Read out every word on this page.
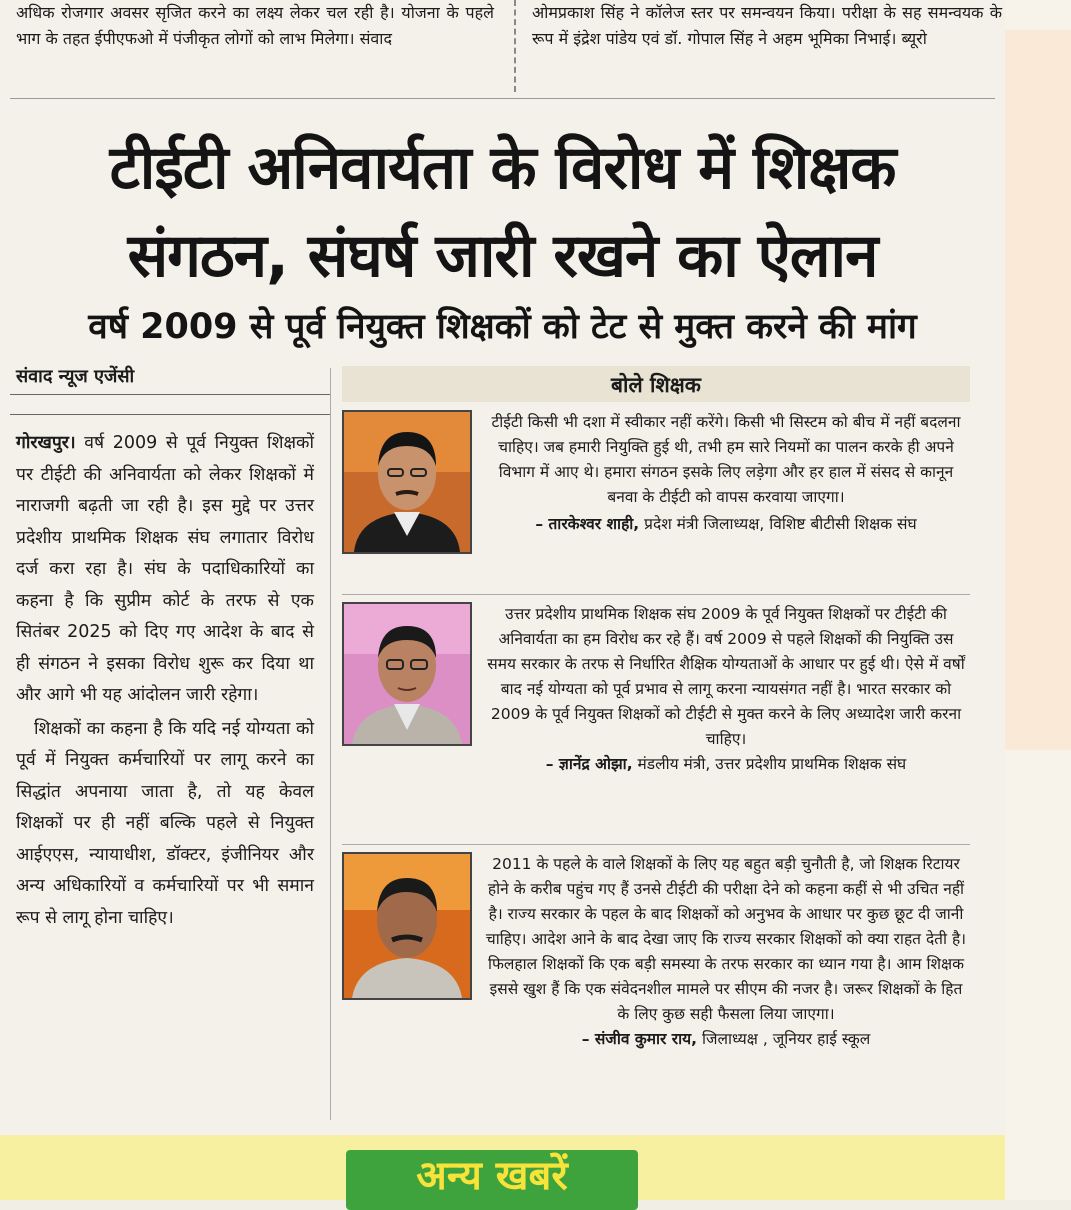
अधिक रोजगार अवसर सृजित करने का लक्ष्य लेकर चल रही है। योजना के पहले भाग के तहत ईपीएफओ में पंजीकृत लोगों को लाभ मिलेगा। संवाद

ओमप्रकाश सिंह ने कॉलेज स्तर पर समन्वयन किया। परीक्षा के सह समन्वयक के रूप में इंद्रेश पांडेय एवं डॉ. गोपाल सिंह ने अहम भूमिका निभाई। ब्यूरो

टीईटी अनिवार्यता के विरोध में शिक्षक
संगठन, संघर्ष जारी रखने का ऐलान
वर्ष 2009 से पूर्व नियुक्त शिक्षकों को टेट से मुक्त करने की मांग
संवाद न्यूज एजेंसी

गोरखपुर। वर्ष 2009 से पूर्व नियुक्त शिक्षकों पर टीईटी की अनिवार्यता को लेकर शिक्षकों में नाराजगी बढ़ती जा रही है। इस मुद्दे पर उत्तर प्रदेशीय प्राथमिक शिक्षक संघ लगातार विरोध दर्ज करा रहा है। संघ के पदाधिकारियों का कहना है कि सुप्रीम कोर्ट के तरफ से एक सितंबर 2025 को दिए गए आदेश के बाद से ही संगठन ने इसका विरोध शुरू कर दिया था और आगे भी यह आंदोलन जारी रहेगा।

शिक्षकों का कहना है कि यदि नई योग्यता को पूर्व में नियुक्त कर्मचारियों पर लागू करने का सिद्धांत अपनाया जाता है, तो यह केवल शिक्षकों पर ही नहीं बल्कि पहले से नियुक्त आईएएस, न्यायाधीश, डॉक्टर, इंजीनियर और अन्य अधिकारियों व कर्मचारियों पर भी समान रूप से लागू होना चाहिए।

बोले शिक्षक

टीईटी किसी भी दशा में स्वीकार नहीं करेंगे। किसी भी सिस्टम को बीच में नहीं बदलना चाहिए। जब हमारी नियुक्ति हुई थी, तभी हम सारे नियमों का पालन करके ही अपने विभाग में आए थे। हमारा संगठन इसके लिए लड़ेगा और हर हाल में संसद से कानून बनवा के टीईटी को वापस करवाया जाएगा।

– तारकेश्वर शाही, प्रदेश मंत्री जिलाध्यक्ष, विशिष्ट बीटीसी शिक्षक संघ

उत्तर प्रदेशीय प्राथमिक शिक्षक संघ 2009 के पूर्व नियुक्त शिक्षकों पर टीईटी की अनिवार्यता का हम विरोध कर रहे हैं। वर्ष 2009 से पहले शिक्षकों की नियुक्ति उस समय सरकार के तरफ से निर्धारित शैक्षिक योग्यताओं के आधार पर हुई थी। ऐसे में वर्षों बाद नई योग्यता को पूर्व प्रभाव से लागू करना न्यायसंगत नहीं है। भारत सरकार को 2009 के पूर्व नियुक्त शिक्षकों को टीईटी से मुक्त करने के लिए अध्यादेश जारी करना चाहिए।

– ज्ञानेंद्र ओझा, मंडलीय मंत्री, उत्तर प्रदेशीय प्राथमिक शिक्षक संघ

2011 के पहले के वाले शिक्षकों के लिए यह बहुत बड़ी चुनौती है, जो शिक्षक रिटायर होने के करीब पहुंच गए हैं उनसे टीईटी की परीक्षा देने को कहना कहीं से भी उचित नहीं है। राज्य सरकार के पहल के बाद शिक्षकों को अनुभव के आधार पर कुछ छूट दी जानी चाहिए। आदेश आने के बाद देखा जाए कि राज्य सरकार शिक्षकों को क्या राहत देती है। फिलहाल शिक्षकों कि एक बड़ी समस्या के तरफ सरकार का ध्यान गया है। आम शिक्षक इससे खुश हैं कि एक संवेदनशील मामले पर सीएम की नजर है। जरूर शिक्षकों के हित के लिए कुछ सही फैसला लिया जाएगा।

– संजीव कुमार राय, जिलाध्यक्ष , जूनियर हाई स्कूल

अन्य खबरें
